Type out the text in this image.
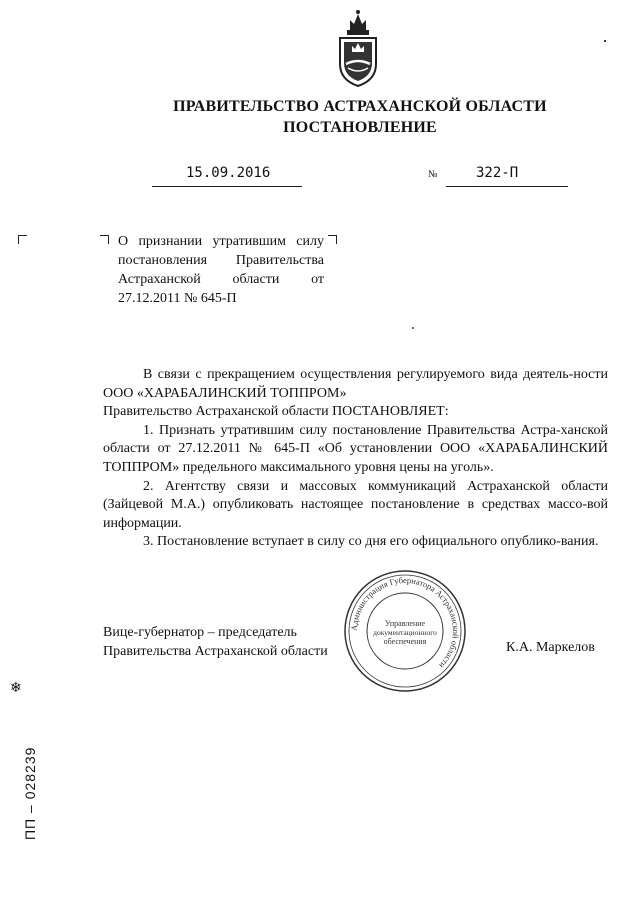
ПРАВИТЕЛЬСТВО АСТРАХАНСКОЙ ОБЛАСТИ
ПОСТАНОВЛЕНИЕ
15.09.2016	№	322-П
О признании утратившим силу
постановления Правительства
Астраханской области от
27.12.2011 № 645-П

В связи с прекращением осуществления регулируемого вида деятель-ности ООО «ХАРАБАЛИНСКИЙ ТОППРОМ»

Правительство Астраханской области ПОСТАНОВЛЯЕТ:

1. Признать утратившим силу постановление Правительства Астра-ханской области от 27.12.2011 № 645-П «Об установлении ООО «ХАРАБАЛИНСКИЙ ТОППРОМ» предельного максимального уровня цены на уголь».

2. Агентству связи и массовых коммуникаций Астраханской области (Зайцевой М.А.) опубликовать настоящее постановление в средствах массо-вой информации.

3. Постановление вступает в силу со дня его официального опублико-вания.

Вице-губернатор – председатель
Правительства Астраханской области	К.А. Маркелов
Администрация Губернатора Астраханской области
Управление
документационного
обеспечения
❄
ПП – 028239
